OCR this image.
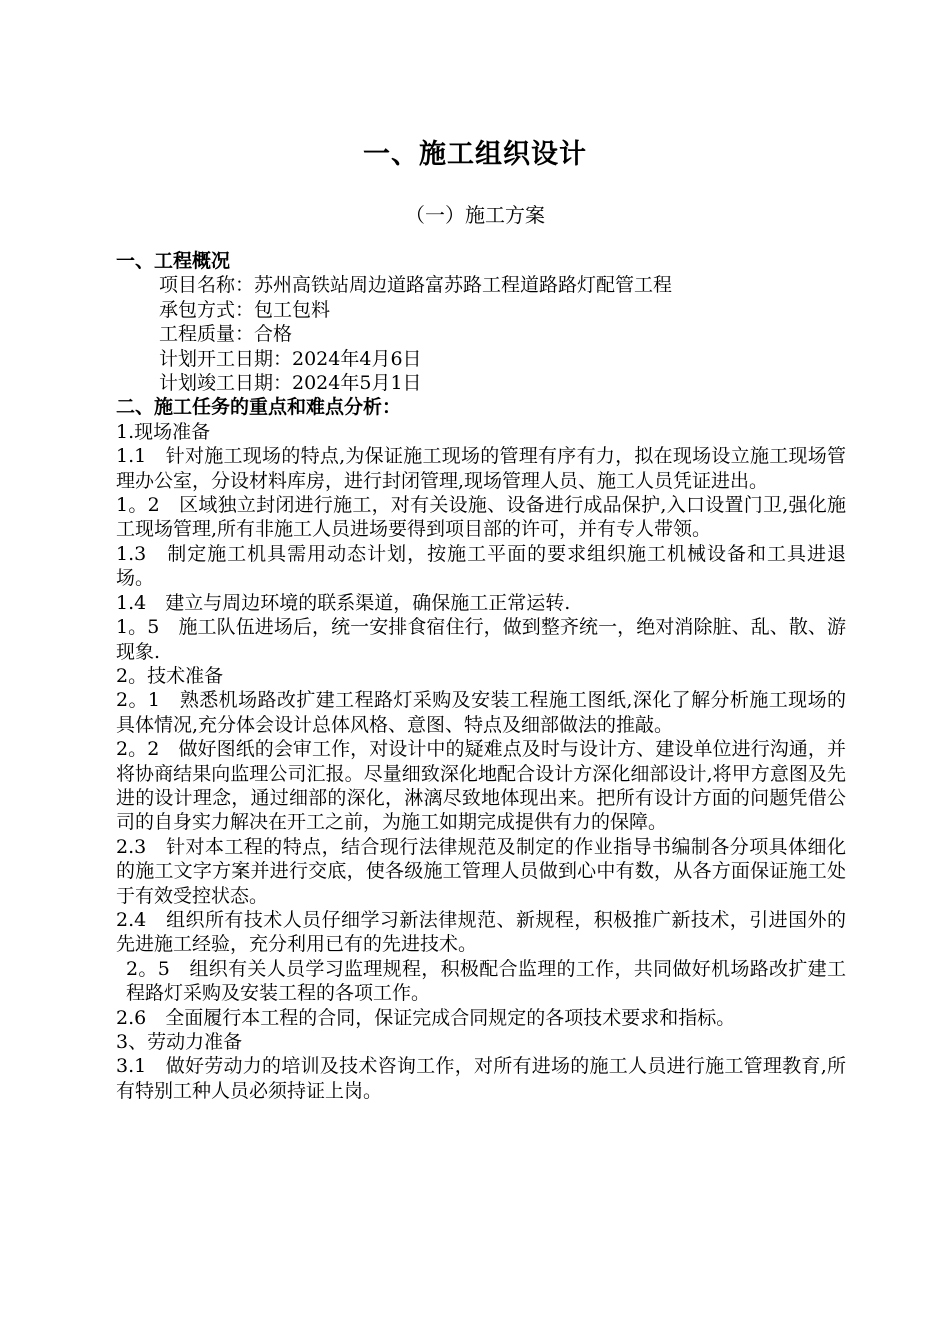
一、施工组织设计
（一）施工方案

一、工程概况

项目名称：苏州高铁站周边道路富苏路工程道路路灯配管工程

承包方式：包工包料

工程质量：合格

计划开工日期：2024年4月6日

计划竣工日期：2024年5月1日

二、施工任务的重点和难点分析：

1.现场准备

1.1　针对施工现场的特点,为保证施工现场的管理有序有力，拟在现场设立施工现场管理办公室，分设材料库房，进行封闭管理,现场管理人员、施工人员凭证进出。

1。2　区域独立封闭进行施工，对有关设施、设备进行成品保护,入口设置门卫,强化施工现场管理,所有非施工人员进场要得到项目部的许可，并有专人带领。

1.3　制定施工机具需用动态计划，按施工平面的要求组织施工机械设备和工具进退场。

1.4　建立与周边环境的联系渠道，确保施工正常运转.

1。5　施工队伍进场后，统一安排食宿住行，做到整齐统一，绝对消除脏、乱、散、游现象.

2。技术准备

2。1　熟悉机场路改扩建工程路灯采购及安装工程施工图纸,深化了解分析施工现场的具体情况,充分体会设计总体风格、意图、特点及细部做法的推敲。

2。2　做好图纸的会审工作，对设计中的疑难点及时与设计方、建设单位进行沟通，并将协商结果向监理公司汇报。尽量细致深化地配合设计方深化细部设计,将甲方意图及先进的设计理念，通过细部的深化，淋漓尽致地体现出来。把所有设计方面的问题凭借公司的自身实力解决在开工之前，为施工如期完成提供有力的保障。

2.3　针对本工程的特点，结合现行法律规范及制定的作业指导书编制各分项具体细化的施工文字方案并进行交底，使各级施工管理人员做到心中有数，从各方面保证施工处于有效受控状态。

2.4　组织所有技术人员仔细学习新法律规范、新规程，积极推广新技术，引进国外的先进施工经验，充分利用已有的先进技术。

2。5　组织有关人员学习监理规程，积极配合监理的工作，共同做好机场路改扩建工程路灯采购及安装工程的各项工作。

2.6　全面履行本工程的合同，保证完成合同规定的各项技术要求和指标。

3、劳动力准备

3.1　做好劳动力的培训及技术咨询工作，对所有进场的施工人员进行施工管理教育,所有特别工种人员必须持证上岗。
